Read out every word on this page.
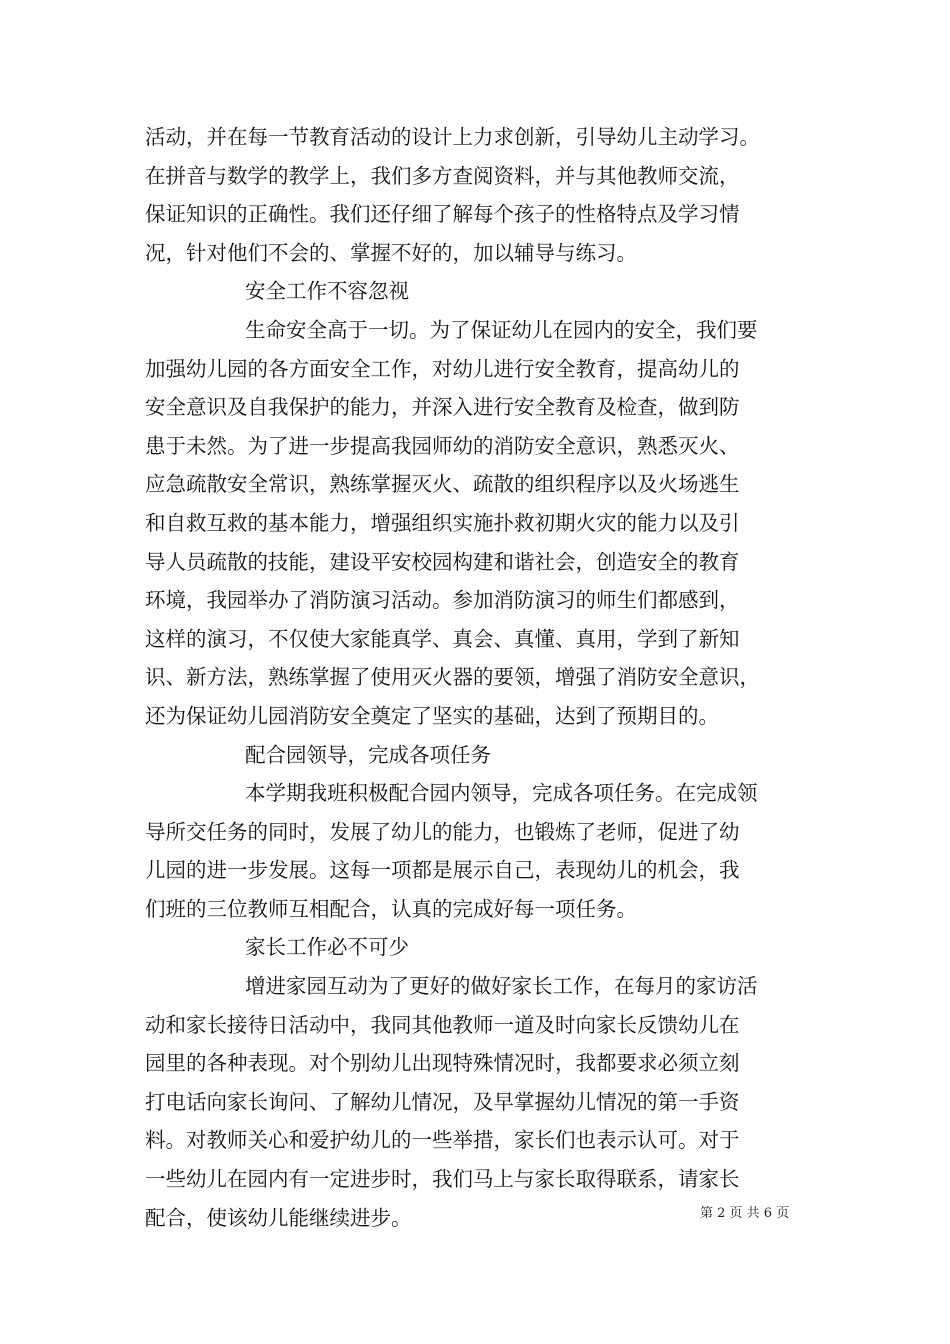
活动，并在每一节教育活动的设计上力求创新，引导幼儿主动学习。
在拼音与数学的教学上，我们多方查阅资料，并与其他教师交流，
保证知识的正确性。我们还仔细了解每个孩子的性格特点及学习情
况，针对他们不会的、掌握不好的，加以辅导与练习。
安全工作不容忽视
生命安全高于一切。为了保证幼儿在园内的安全，我们要
加强幼儿园的各方面安全工作，对幼儿进行安全教育，提高幼儿的
安全意识及自我保护的能力，并深入进行安全教育及检查，做到防
患于未然。为了进一步提高我园师幼的消防安全意识，熟悉灭火、
应急疏散安全常识，熟练掌握灭火、疏散的组织程序以及火场逃生
和自救互救的基本能力，增强组织实施扑救初期火灾的能力以及引
导人员疏散的技能，建设平安校园构建和谐社会，创造安全的教育
环境，我园举办了消防演习活动。参加消防演习的师生们都感到，
这样的演习，不仅使大家能真学、真会、真懂、真用，学到了新知
识、新方法，熟练掌握了使用灭火器的要领，增强了消防安全意识，
还为保证幼儿园消防安全奠定了坚实的基础，达到了预期目的。
配合园领导，完成各项任务
本学期我班积极配合园内领导，完成各项任务。在完成领
导所交任务的同时，发展了幼儿的能力，也锻炼了老师，促进了幼
儿园的进一步发展。这每一项都是展示自己，表现幼儿的机会，我
们班的三位教师互相配合，认真的完成好每一项任务。
家长工作必不可少
增进家园互动为了更好的做好家长工作，在每月的家访活
动和家长接待日活动中，我同其他教师一道及时向家长反馈幼儿在
园里的各种表现。对个别幼儿出现特殊情况时，我都要求必须立刻
打电话向家长询问、了解幼儿情况，及早掌握幼儿情况的第一手资
料。对教师关心和爱护幼儿的一些举措，家长们也表示认可。对于
一些幼儿在园内有一定进步时，我们马上与家长取得联系，请家长
配合，使该幼儿能继续进步。	第 2 页 共 6 页
